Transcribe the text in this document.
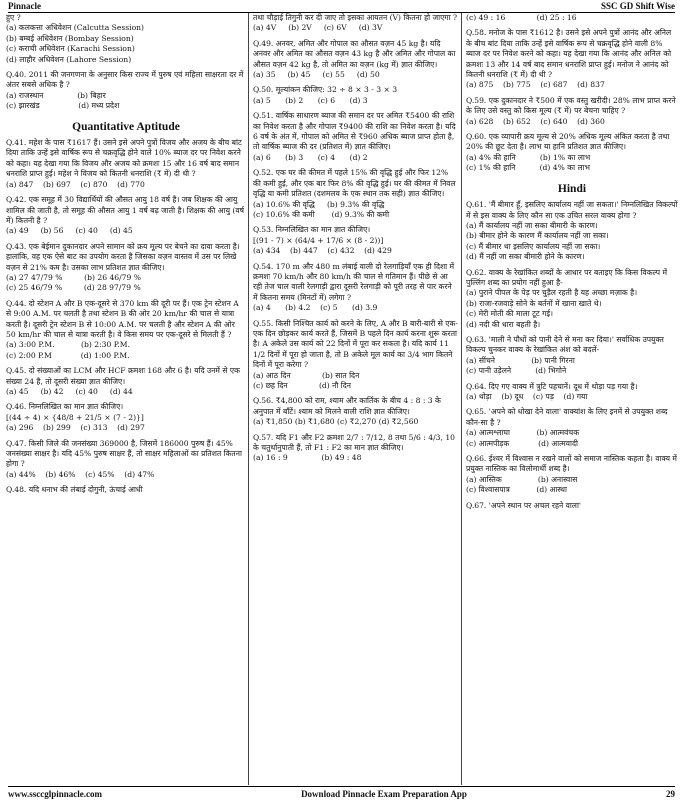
Pinnacle	SSC GD Shift Wise

हुए ?

(a) कलकत्ता अधिवेशन (Calcutta Session)

(b) बम्बई अधिवेशन (Bombay Session)

(c) कराची अधिवेशन (Karachi Session)

(d) लाहौर अधिवेशन (Lahore Session)

Q.40. 2011 की जनगणना के अनुसार किस राज्य में पुरुष एवं महिला साक्षरता दर में अंतर सबसे अधिक है ?

(a) राजस्थान              (b) बिहार

(c) झारखंड                (d) मध्य प्रदेश

Quantitative Aptitude

Q.41. महेश के पास ₹1617 हैं। उसने इसे अपने पुत्रों विजय और अजय के बीच बांट दिया ताकि उन्हें इसे वार्षिक रूप से चक्रवृद्धि होने वाले 10% ब्याज दर पर निवेश करने को कहा। यह देखा गया कि विजय और अजय को क्रमशः 15 और 16 वर्ष बाद समान धनराशि प्राप्त हुई। महेश ने विजय को कितनी धनराशि (₹ में) दी थी ?

(a) 847    (b) 697    (c) 870    (d) 770

Q.42. एक समूह में 30 विद्यार्थियों की औसत आयु 18 वर्ष है। जब शिक्षक की आयु शामिल की जाती है, तो समूह की औसत आयु 1 वर्ष बढ़ जाती है। शिक्षक की आयु (वर्ष में) कितनी है ?

(a) 49     (b) 56     (c) 40     (d) 45

Q.43. एक बेईमान दुकानदार अपने सामान को क्रय मूल्य पर बेचने का दावा करता है। हालांकि, वह एक ऐसे बाट का उपयोग करता है जिसका वज़न वास्तव में उस पर लिखे वज़न से 21% कम है। उसका लाभ प्रतिशत ज्ञात कीजिए।

(a) 27 47/79 %         (b) 26 46/79 %

(c) 25 46/79 %         (d) 28 97/79 %

Q.44. दो स्टेशन A और B एक-दूसरे से 370 km की दूरी पर हैं। एक ट्रेन स्टेशन A से 9:00 A.M. पर चलती है तथा स्टेशन B की ओर 20 km/hr की चाल से यात्रा करती है। दूसरी ट्रेन स्टेशन B से 10:00 A.M. पर चलती है और स्टेशन A की ओर 50 km/hr की चाल से यात्रा करती है। वे किस समय पर एक-दूसरे से मिलती हैं ?

(a) 3:00 P.M.           (b) 2:30 P.M.

(c) 2:00 P.M            (d) 1:00 P.M.

Q.45. दो संख्याओं का LCM और HCF क्रमशः 168 और 6 है। यदि उनमें से एक संख्या 24 है, तो दूसरी संख्या ज्ञात कीजिए।

(a) 45     (b) 42     (c) 40     (d) 44

Q.46. निम्नलिखित का मान ज्ञात कीजिए।

[(44 ÷ 4) × {48/8 + 21/5 × (7 - 2)}]

(a) 296    (b) 299    (c) 313    (d) 297

Q.47. किसी जिले की जनसंख्या 369000 है, जिसमें 186000 पुरुष हैं। 45% जनसंख्या साक्षर है। यदि 45% पुरुष साक्षर हैं, तो साक्षर महिलाओं का प्रतिशत कितना होगा ?

(a) 44%    (b) 46%    (c) 45%    (d) 47%

Q.48. यदि धनाभ की लंबाई दोगुनी, ऊंचाई आधी

तथा चौड़ाई तिगुनी कर दी जाए तो इसका आयतन (V) कितना हो जाएगा ?

(a) 4V     (b) 2V     (c) 6V     (d) 3V

Q.49. अनवर, अमित और गोपाल का औसत वज़न 45 kg है। यदि अनवर और अमित का औसत वज़न 43 kg है और अमित और गोपाल का औसत वज़न 42 kg है, तो अमित का वज़न (kg में) ज्ञात कीजिए।

(a) 35     (b) 45     (c) 55     (d) 50

Q.50. मूल्यांकन कीजिए: 32 ÷ 8 × 3 - 3 × 3

(a) 5      (b) 2      (c) 6      (d) 3

Q.51. वार्षिक साधारण ब्याज की समान दर पर अमित ₹5400 की राशि का निवेश करता है और गोपाल ₹9400 की राशि का निवेश करता है। यदि 6 वर्ष के अंत में, गोपाल को अमित से ₹960 अधिक ब्याज प्राप्त होता है, तो वार्षिक ब्याज की दर (प्रतिशत में) ज्ञात कीजिए।

(a) 6      (b) 3      (c) 4      (d) 2

Q.52. एक घर की कीमत में पहले 15% की वृद्धि हुई और फिर 12% की कमी हुई, और एक बार फिर 8% की वृद्धि हुई। घर की कीमत में निवल वृद्धि या कमी प्रतिशत (दशमलव के एक स्थान तक सही) ज्ञात कीजिए।

(a) 10.6% की वृद्धि     (b) 9.3% की वृद्धि

(c) 10.6% की कमी       (d) 9.3% की कमी

Q.53. निम्नलिखित का मान ज्ञात कीजिए।

[(91 - 7) × (64/4 + 17/6 × (8 - 2))]

(a) 434    (b) 447    (c) 432    (d) 429

Q.54. 170 m और 480 m लंबाई वाली दो रेलगाड़ियाँ एक ही दिशा में क्रमशः 70 km/h और 80 km/h की चाल से गतिमान हैं। पीछे से आ रही तेज चाल वाली रेलगाड़ी द्वारा दूसरी रेलगाड़ी को पूरी तरह से पार करने में कितना समय (मिनटों में) लगेगा ?

(a) 4      (b) 4.2    (c) 5      (d) 3.9

Q.55. किसी निश्चित कार्य को करने के लिए, A और B बारी-बारी से एक-एक दिन छोड़कर कार्य करते हैं, जिसमें B पहले दिन कार्य करना शुरू करता है। A अकेले उस कार्य को 22 दिनों में पूरा कर सकता है। यदि कार्य 11 1/2 दिनों में पूरा हो जाता है, तो B अकेले मूल कार्य का 3/4 भाग कितने दिनों में पूरा करेगा ?

(a) आठ दिन             (b) सात दिन

(c) छह दिन             (d) नौ दिन

Q.56. ₹4,800 को राम, श्याम और कार्तिक के बीच 4 : 8 : 3 के अनुपात में बाँटें। श्याम को मिलने वाली राशि ज्ञात कीजिए।

(a) ₹1,850 (b) ₹1,680 (c) ₹2,270 (d) ₹2,560

Q.57. यदि F1 और F2 क्रमशः 2/7 : 7/12, 8 तथा 5/6 : 4/3, 10 के चतुर्थानुपाती हैं, तो F1 : F2 का मान ज्ञात कीजिए।

(a) 16 : 9              (b) 49 : 48

(c) 49 : 16             (d) 25 : 16

Q.58. मनोज के पास ₹1612 है। उसने इसे अपने पुत्रों आनंद और अनिल के बीच बांट दिया ताकि उन्हें इसे वार्षिक रूप से चक्रवृद्धि होने वाली 8% ब्याज दर पर निवेश करने को कहा। यह देखा गया कि आनंद और अनिल को क्रमशः 13 और 14 वर्ष बाद समान धनराशि प्राप्त हुई। मनोज ने आनंद को कितनी धनराशि (₹ में) दी थी ?

(a) 875    (b) 775    (c) 687    (d) 837

Q.59. एक दुकानदार ने ₹500 में एक वस्तु खरीदी। 28% लाभ प्राप्त करने के लिए उसे वस्तु को किस मूल्य (₹ में) पर बेचना चाहिए ?

(a) 628    (b) 652    (c) 640    (d) 360

Q.60. एक व्यापारी क्रय मूल्य से 20% अधिक मूल्य अंकित करता है तथा 20% की छूट देता है। लाभ या हानि प्रतिशत ज्ञात कीजिए।

(a) 4% की हानि          (b) 1% का लाभ

(c) 1% की हानि          (d) 4% का लाभ

Hindi

Q.61. 'मैं बीमार हूँ, इसलिए कार्यालय नहीं जा सकता।' निम्नलिखित विकल्पों में से इस वाक्य के लिए कौन सा एक उचित सरल वाक्य होगा ?

(a) मैं कार्यालय नहीं जा सका बीमारी के कारण।

(b) बीमार होने के कारण मैं कार्यालय नहीं जा सका।

(c) मैं बीमार था इसलिए कार्यालय नहीं जा सका।

(d) मैं नहीं जा सका बीमारी होने के कारण।

Q.62. वाक्य के रेखांकित शब्दों के आधार पर बताइए कि किस विकल्प में पुल्लिंग शब्द का प्रयोग नहीं हुआ है-

(a) पुराने पीपल के पेड़ पर चुड़ैल रहती है यह अच्छा मज़ाक है।

(b) राजा-रजवाड़े सोने के बर्तनों में खाना खाते थे।

(c) मेरी मोती की माला टूट गई।

(d) नदी की धारा बहती है।

Q.63. 'माली ने पौधों को पानी देने से मना कर दिया।' सर्वाधिक उपयुक्त विकल्प चुनकर वाक्य के रेखांकित अंश को बदलें-

(a) सींचने               (b) पानी गिरना

(c) पानी उड़ेलने          (d) भिगोने

Q.64. दिए गए वाक्य में त्रुटि पहचानें। दूध में थोड़ा पड़ गया है।

(a) थोड़ा    (b) दूध    (c) पड़    (d) गया

Q.65. 'अपने को धोखा देने वाला' वाक्यांश के लिए इनमें से उपयुक्त शब्द कौन-सा है ?

(a) आत्मश्लाघा           (b) आत्मवंचक

(c) आत्मपीड़क            (d) आत्मवादी

Q.66. ईश्वर में विश्वास न रखने वालों को समाज नास्तिक कहता है। वाक्य में प्रयुक्त नास्तिक का विलोमार्थी शब्द है।

(a) आस्तिक               (b) अनास्वास

(c) विश्वासपात्र           (d) आस्था

Q.67. 'अपने स्थान पर अचल रहने वाला'

www.ssccglpinnacle.com	Download Pinnacle Exam Preparation App	29
